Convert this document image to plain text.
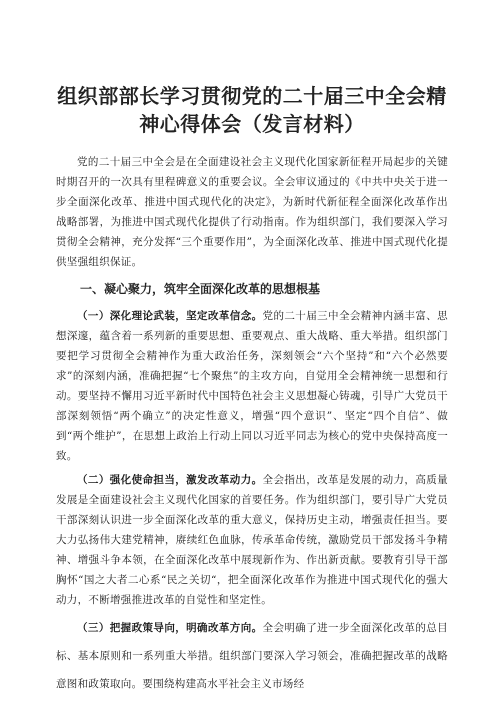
组织部部长学习贯彻党的二十届三中全会精神心得体会（发言材料）

党的二十届三中全会是在全面建设社会主义现代化国家新征程开局起步的关键时期召开的一次具有里程碑意义的重要会议。全会审议通过的《中共中央关于进一步全面深化改革、推进中国式现代化的决定》，为新时代新征程全面深化改革作出战略部署，为推进中国式现代化提供了行动指南。作为组织部门，我们要深入学习贯彻全会精神，充分发挥“三个重要作用”，为全面深化改革、推进中国式现代化提供坚强组织保证。

一、凝心聚力，筑牢全面深化改革的思想根基

（一）深化理论武装，坚定改革信念。党的二十届三中全会精神内涵丰富、思想深邃，蕴含着一系列新的重要思想、重要观点、重大战略、重大举措。组织部门要把学习贯彻全会精神作为重大政治任务，深刻领会“六个坚持”和“六个必然要求”的深刻内涵，准确把握“七个聚焦”的主攻方向，自觉用全会精神统一思想和行动。要坚持不懈用习近平新时代中国特色社会主义思想凝心铸魂，引导广大党员干部深刻领悟“两个确立”的决定性意义，增强“四个意识”、坚定“四个自信”、做到“两个维护”，在思想上政治上行动上同以习近平同志为核心的党中央保持高度一致。

（二）强化使命担当，激发改革动力。全会指出，改革是发展的动力，高质量发展是全面建设社会主义现代化国家的首要任务。作为组织部门，要引导广大党员干部深刻认识进一步全面深化改革的重大意义，保持历史主动，增强责任担当。要大力弘扬伟大建党精神，赓续红色血脉，传承革命传统，激励党员干部发扬斗争精神、增强斗争本领，在全面深化改革中展现新作为、作出新贡献。要教育引导干部胸怀“国之大者二心系“民之关切“，把全面深化改革作为推进中国式现代化的强大动力，不断增强推进改革的自觉性和坚定性。

（三）把握政策导向，明确改革方向。全会明确了进一步全面深化改革的总目标、基本原则和一系列重大举措。组织部门要深入学习领会，准确把握改革的战略意图和政策取向。要围绕构建高水平社会主义市场经
